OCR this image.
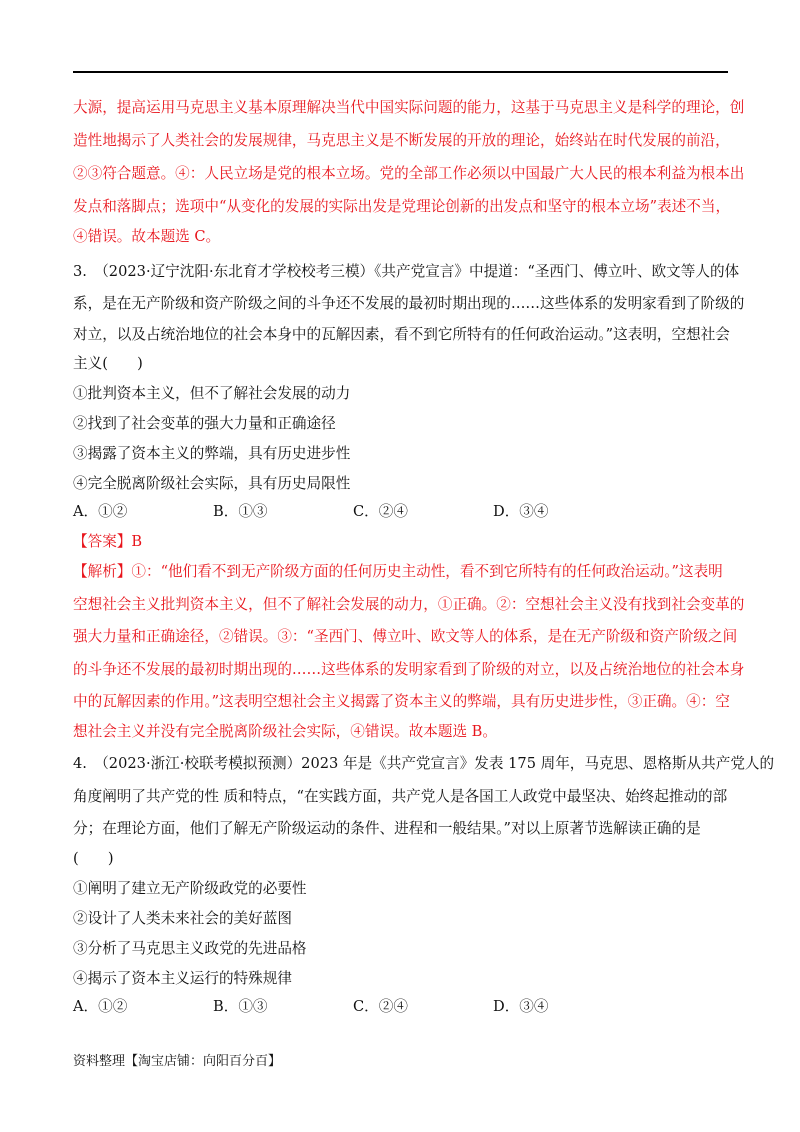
大源，提高运用马克思主义基本原理解决当代中国实际问题的能力，这基于马克思主义是科学的理论，创
造性地揭示了人类社会的发展规律，马克思主义是不断发展的开放的理论，始终站在时代发展的前沿，
②③符合题意。④：人民立场是党的根本立场。党的全部工作必须以中国最广大人民的根本利益为根本出
发点和落脚点；选项中“从变化的发展的实际出发是党理论创新的出发点和坚守的根本立场”表述不当，
④错误。故本题选 C。
3.　（2023·辽宁沈阳·东北育才学校校考三模）《共产党宣言》中提道：“圣西门、傅立叶、欧文等人的体
系，是在无产阶级和资产阶级之间的斗争还不发展的最初时期出现的……这些体系的发明家看到了阶级的
对立，以及占统治地位的社会本身中的瓦解因素，看不到它所特有的任何政治运动。”这表明，空想社会
主义(　　)
①批判资本主义，但不了解社会发展的动力
②找到了社会变革的强大力量和正确途径
③揭露了资本主义的弊端，具有历史进步性
④完全脱离阶级社会实际，具有历史局限性
A．①②	B．①③	C．②④	D．③④
【答案】B
【解析】①：“他们看不到无产阶级方面的任何历史主动性，看不到它所特有的任何政治运动。”这表明
空想社会主义批判资本主义，但不了解社会发展的动力，①正确。②：空想社会主义没有找到社会变革的
强大力量和正确途径，②错误。③：“圣西门、傅立叶、欧文等人的体系，是在无产阶级和资产阶级之间
的斗争还不发展的最初时期出现的……这些体系的发明家看到了阶级的对立，以及占统治地位的社会本身
中的瓦解因素的作用。”这表明空想社会主义揭露了资本主义的弊端，具有历史进步性，③正确。④：空
想社会主义并没有完全脱离阶级社会实际，④错误。故本题选 B。
4.　（2023·浙江·校联考模拟预测）2023 年是《共产党宣言》发表 175 周年，马克思、恩格斯从共产党人的
角度阐明了共产党的性 质和特点，“在实践方面，共产党人是各国工人政党中最坚决、始终起推动的部
分；在理论方面，他们了解无产阶级运动的条件、进程和一般结果。”对以上原著节选解读正确的是
(　　)
①阐明了建立无产阶级政党的必要性
②设计了人类未来社会的美好蓝图
③分析了马克思主义政党的先进品格
④揭示了资本主义运行的特殊规律
A．①②	B．①③	C．②④	D．③④
资料整理【淘宝店铺：向阳百分百】
